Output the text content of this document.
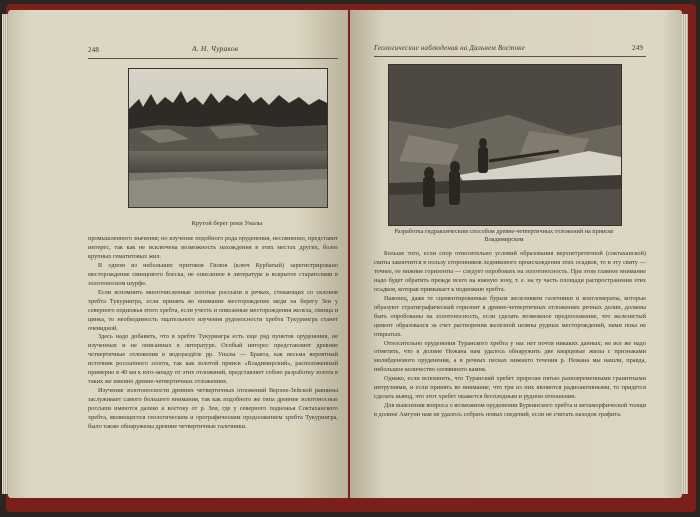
248	А. Н. Чураков
Крутой берег реки Уналы

промышленного значения; но изучение подобного рода оруденения, несомненно, представит интерес, так как не исключена возможность нахождения в этих местах других, более крупных гематитовых жил.

В одном из небольших притоков Гилюя (ключ Курбатый) зарегистрировано месторождение свинцового блеска, не описанное в литературе и вскрытое старателями в золотоносном шурфе.

Если вспомнить многочисленные золотые россыпи в речках, стекающих со склонов хребта Тукурингра, если принять во внимание месторождение меди на берегу Зеи у северного подножья этого хребта, если учесть и описанные месторождения железа, свинца и цинка, то необходимость тщательного изучения рудоносности хребта Тукурингра станет очевидной.

Здесь надо добавить, что в хребте Тукурингра есть еще ряд пунктов оруденения, не изученных и не описанных в литературе. Особый интерес представляют древние четвертичные отложения в водораздёле рр. Уналы — Бракта, как весьма вероятный источник россыпного золота, так как золотой прииск «Владимирский», расположенный примерно в 40 км к юго-западу от этих отложений, представляет собою разработку золота в таких же именно древне-четвертичных отложениях.

Изучение золотоносности древних четвертичных отложений Верхне-Зейской равнины заслуживает самого большого внимания, так как подобного же типа древние золотоносные россыпи имеются далеко к востоку от р. Зеи, где у северного подножья Соктаханского хребта, являющегося геологическим и орографическим продолжением хребта Тукурингра, было также обнаружены древние четвертичные галечники.

Геологические наблюдения на Дальнем Востоке	249
Разработка гидравлическим способом древне-четвертичных отложений на прииске Владимирском

Больше того, если спор относительно условий образования верхнетретичной (соктаханской) свиты закончится в пользу сторонников ледникового происхождения этих осадков, то и эту свиту — точнее, ее нижние горизонты — следует опробовать на золотоносность. При этом главное внимание надо будет обратить прежде всего на южную зону, т. е. на ту часть площади распространения этих осадков, которая примыкает к подножию хребта.

Наконец, даже те сцементированные бурым железняком галечники и конгломераты, которые образуют стратиграфический горизонт в древне-четвертичных отложениях речных долин, должны быть опробованы на золотоносность, если сделать возможное предположение, что железистый цемент образовался за счет растворения железной шляпы рудных месторождений, нами пока не открытых.

Относительно оруденения Туранского хребта у нас нет почти никаких данных; но все же надо отметить, что в долине Нежана нам удалось обнаружить две кварцевые жилы с признаками молибденового оруденения, а в речных песках нижнего течения р. Нежана мы нашли, правда, небольшое количество оловянного камня.

Однако, если вспомнить, что Туранский хребет прорезан пятью разновременными гранитными интрузиями, и если принять во внимание, что три из них являются радиоактивными, то придется сделать вывод, что этот хребет окажется бесплодным и рудном отношении.

Для выяснения вопроса о возможном оруденении Буреинского хребта и метаморфической толщи в долине Амгуни нам не удалось собрать новых сведений, если не считать находок графита.
